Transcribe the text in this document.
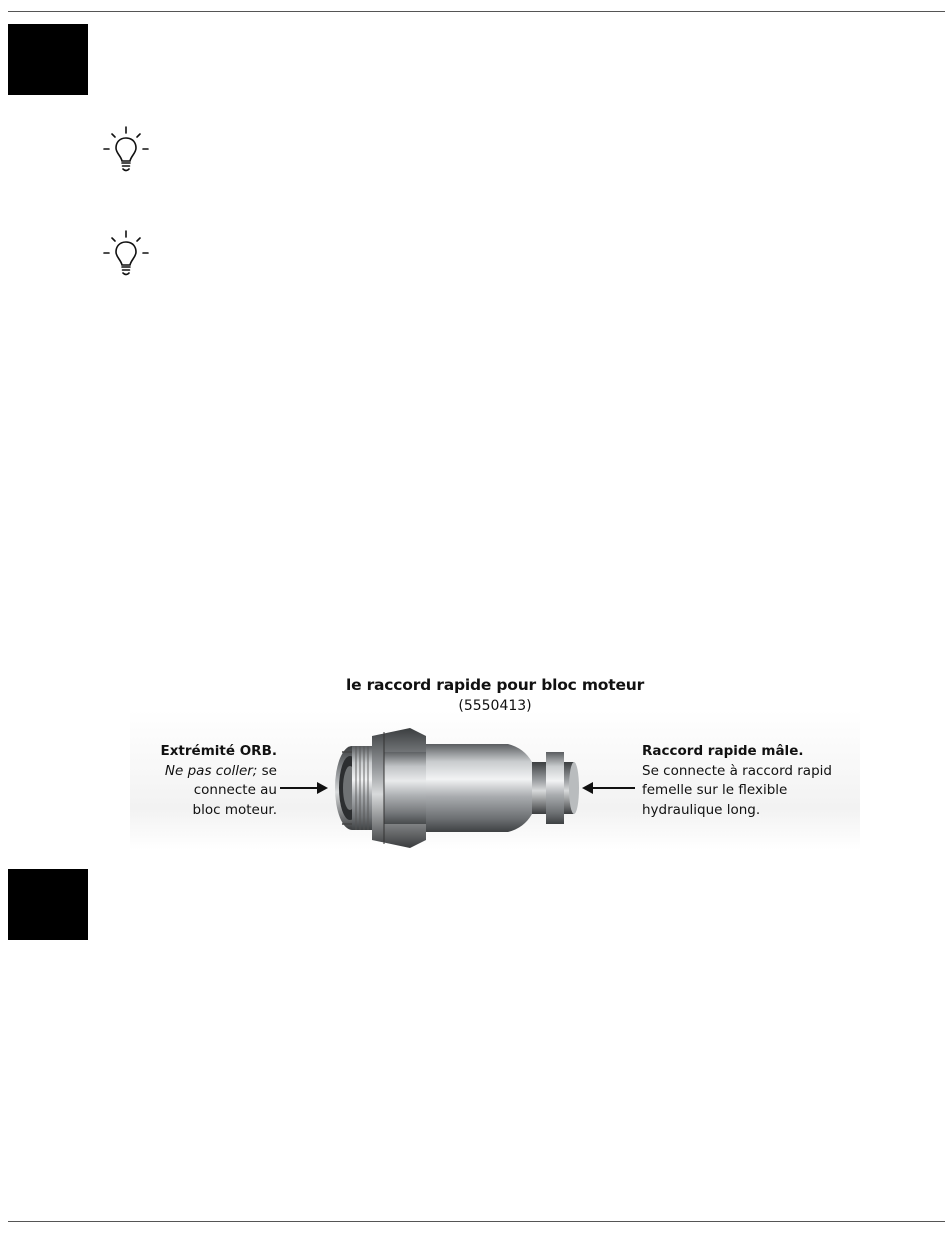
le raccord rapide pour bloc moteur
(5550413)
Extrémité ORB.
Ne pas coller; se
connecte au
bloc moteur.
Raccord rapide mâle.
Se connecte à raccord rapid
femelle sur le flexible
hydraulique long.
